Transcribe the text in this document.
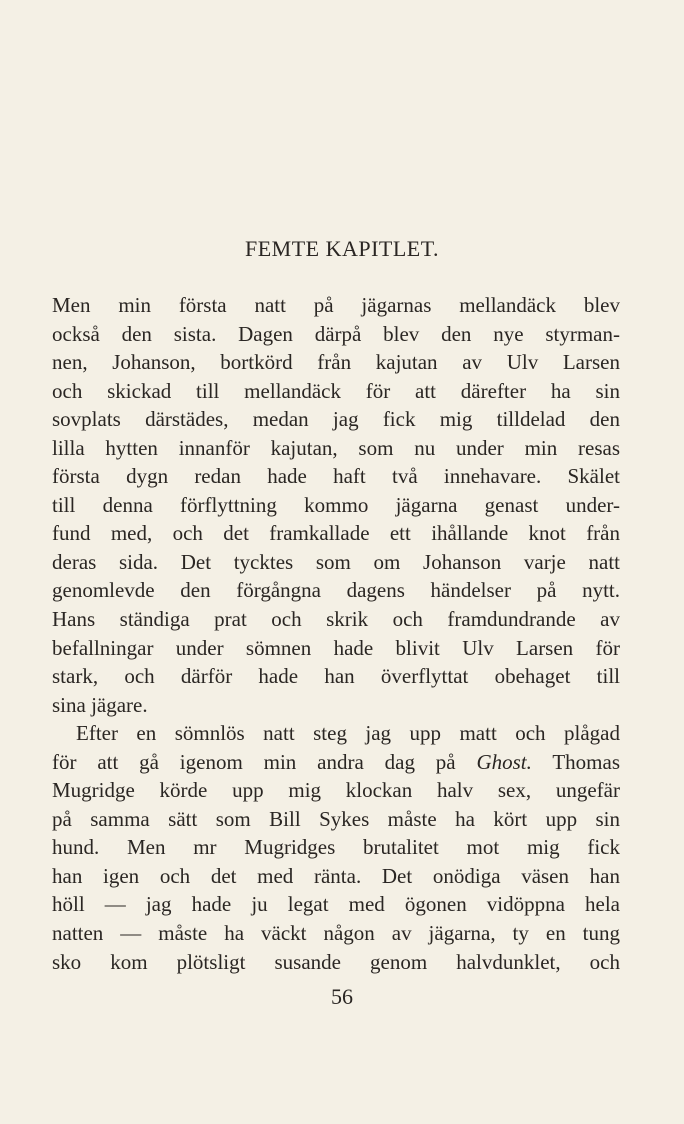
FEMTE KAPITLET.
Men min första natt på jägarnas mellandäck blev
också den sista. Dagen därpå blev den nye styrman-
nen, Johanson, bortkörd från kajutan av Ulv Larsen
och skickad till mellandäck för att därefter ha sin
sovplats därstädes, medan jag fick mig tilldelad den
lilla hytten innanför kajutan, som nu under min resas
första dygn redan hade haft två innehavare. Skälet
till denna förflyttning kommo jägarna genast under-
fund med, och det framkallade ett ihållande knot från
deras sida. Det tycktes som om Johanson varje natt
genomlevde den förgångna dagens händelser på nytt.
Hans ständiga prat och skrik och framdundrande av
befallningar under sömnen hade blivit Ulv Larsen för
stark, och därför hade han överflyttat obehaget till
sina jägare.
Efter en sömnlös natt steg jag upp matt och plågad
för att gå igenom min andra dag på Ghost. Thomas
Mugridge körde upp mig klockan halv sex, ungefär
på samma sätt som Bill Sykes måste ha kört upp sin
hund. Men mr Mugridges brutalitet mot mig fick
han igen och det med ränta. Det onödiga väsen han
höll — jag hade ju legat med ögonen vidöppna hela
natten — måste ha väckt någon av jägarna, ty en tung
sko kom plötsligt susande genom halvdunklet, och
56
